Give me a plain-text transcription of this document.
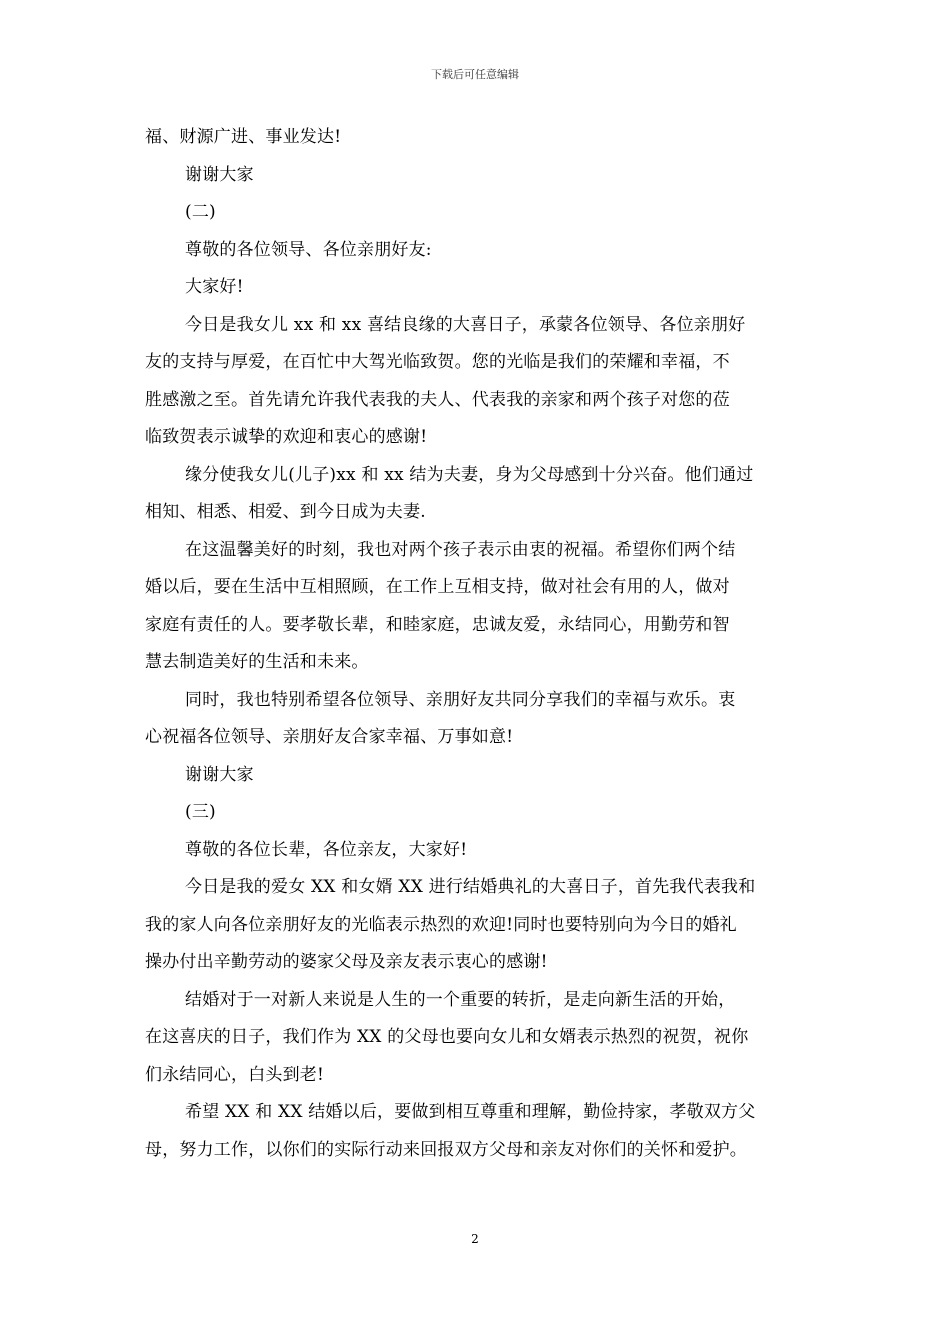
下载后可任意编辑
福、财源广进、事业发达!
谢谢大家
(二)
尊敬的各位领导、各位亲朋好友:
大家好!
今日是我女儿 xx 和 xx 喜结良缘的大喜日子，承蒙各位领导、各位亲朋好
友的支持与厚爱，在百忙中大驾光临致贺。您的光临是我们的荣耀和幸福，不
胜感激之至。首先请允许我代表我的夫人、代表我的亲家和两个孩子对您的莅
临致贺表示诚挚的欢迎和衷心的感谢!
缘分使我女儿(儿子)xx 和 xx 结为夫妻，身为父母感到十分兴奋。他们通过
相知、相悉、相爱、到今日成为夫妻.
在这温馨美好的时刻，我也对两个孩子表示由衷的祝福。希望你们两个结
婚以后，要在生活中互相照顾，在工作上互相支持，做对社会有用的人，做对
家庭有责任的人。要孝敬长辈，和睦家庭，忠诚友爱，永结同心，用勤劳和智
慧去制造美好的生活和未来。
同时，我也特别希望各位领导、亲朋好友共同分享我们的幸福与欢乐。衷
心祝福各位领导、亲朋好友合家幸福、万事如意!
谢谢大家
(三)
尊敬的各位长辈，各位亲友，大家好!
今日是我的爱女 XX 和女婿 XX 进行结婚典礼的大喜日子，首先我代表我和
我的家人向各位亲朋好友的光临表示热烈的欢迎!同时也要特别向为今日的婚礼
操办付出辛勤劳动的婆家父母及亲友表示衷心的感谢!
结婚对于一对新人来说是人生的一个重要的转折，是走向新生活的开始，
在这喜庆的日子，我们作为 XX 的父母也要向女儿和女婿表示热烈的祝贺，祝你
们永结同心，白头到老!
希望 XX 和 XX 结婚以后，要做到相互尊重和理解，勤俭持家，孝敬双方父
母，努力工作，以你们的实际行动来回报双方父母和亲友对你们的关怀和爱护。
2
